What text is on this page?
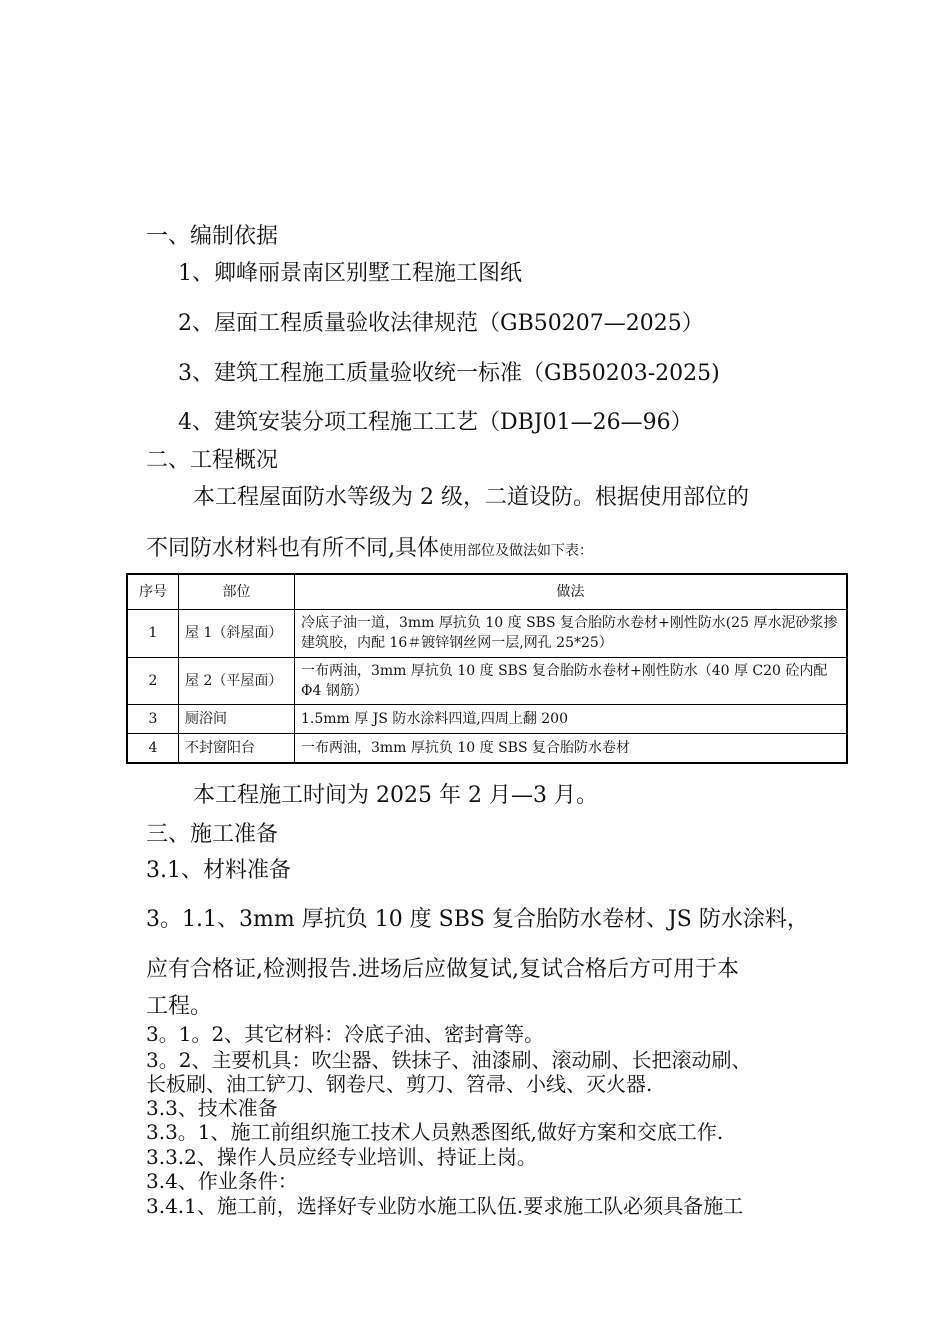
一、编制依据
1、卿峰丽景南区别墅工程施工图纸
2、屋面工程质量验收法律规范（GB50207—2025）
3、建筑工程施工质量验收统一标准（GB50203-2025)
4、建筑安装分项工程施工工艺（DBJ01—26—96）
二、工程概况
本工程屋面防水等级为 2 级，二道设防。根据使用部位的
不同防水材料也有所不同,具体使用部位及做法如下表：
序号	部位	做法
1	屋 1（斜屋面）	冷底子油一道，3mm 厚抗负 10 度 SBS 复合胎防水卷材+刚性防水(25 厚水泥砂浆掺建筑胶，内配 16＃镀锌钢丝网一层,网孔 25*25）
2	屋 2（平屋面）	一布两油，3mm 厚抗负 10 度 SBS 复合胎防水卷材+刚性防水（40 厚 C20 砼内配 Φ4 钢筋）
3	厕浴间	1.5mm 厚 JS 防水涂料四道,四周上翻 200
4	不封窗阳台	一布两油，3mm 厚抗负 10 度 SBS 复合胎防水卷材
本工程施工时间为 2025 年 2 月—3 月。
三、施工准备
3.1、材料准备
3。1.1、3mm 厚抗负 10 度 SBS 复合胎防水卷材、JS 防水涂料，
应有合格证,检测报告.进场后应做复试,复试合格后方可用于本
工程。
3。1。2、其它材料：冷底子油、密封膏等。
3。2、主要机具：吹尘器、铁抹子、油漆刷、滚动刷、长把滚动刷、
长板刷、油工铲刀、钢卷尺、剪刀、笤帚、小线、灭火器.
3.3、技术准备
3.3。1、施工前组织施工技术人员熟悉图纸,做好方案和交底工作.
3.3.2、操作人员应经专业培训、持证上岗。
3.4、作业条件：
3.4.1、施工前，选择好专业防水施工队伍.要求施工队必须具备施工
